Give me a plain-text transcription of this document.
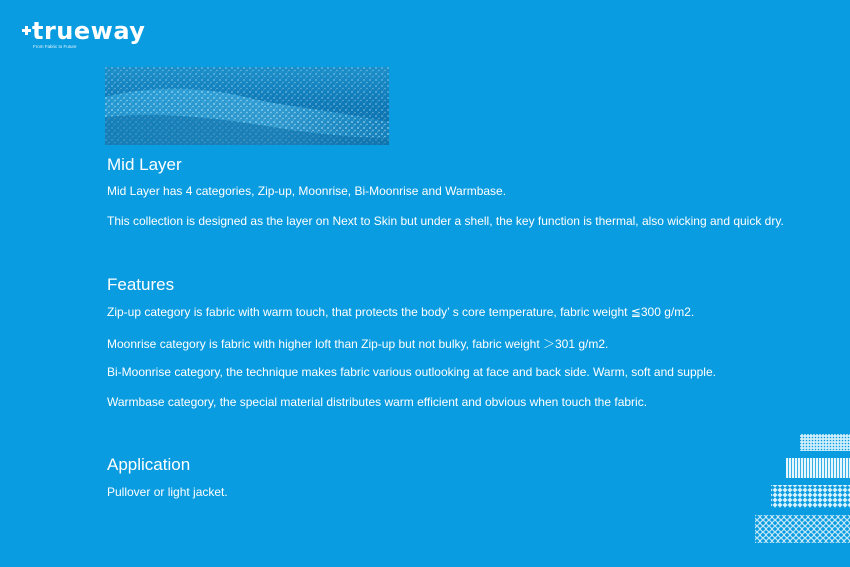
trueway
From Fabric to Future
Mid Layer

Mid Layer has 4 categories, Zip-up, Moonrise, Bi-Moonrise and Warmbase.

This collection is designed as the layer on Next to Skin but under a shell, the key function is thermal, also wicking and quick dry.

Features

Zip-up category is fabric with warm touch, that protects the body’ s core temperature, fabric weight ≦300 g/m2.

Moonrise category is fabric with higher loft than Zip-up but not bulky, fabric weight ＞301 g/m2.

Bi-Moonrise category, the technique makes fabric various outlooking at face and back side. Warm, soft and supple.

Warmbase category, the special material distributes warm efficient and obvious when touch the fabric.

Application

Pullover or light jacket.
